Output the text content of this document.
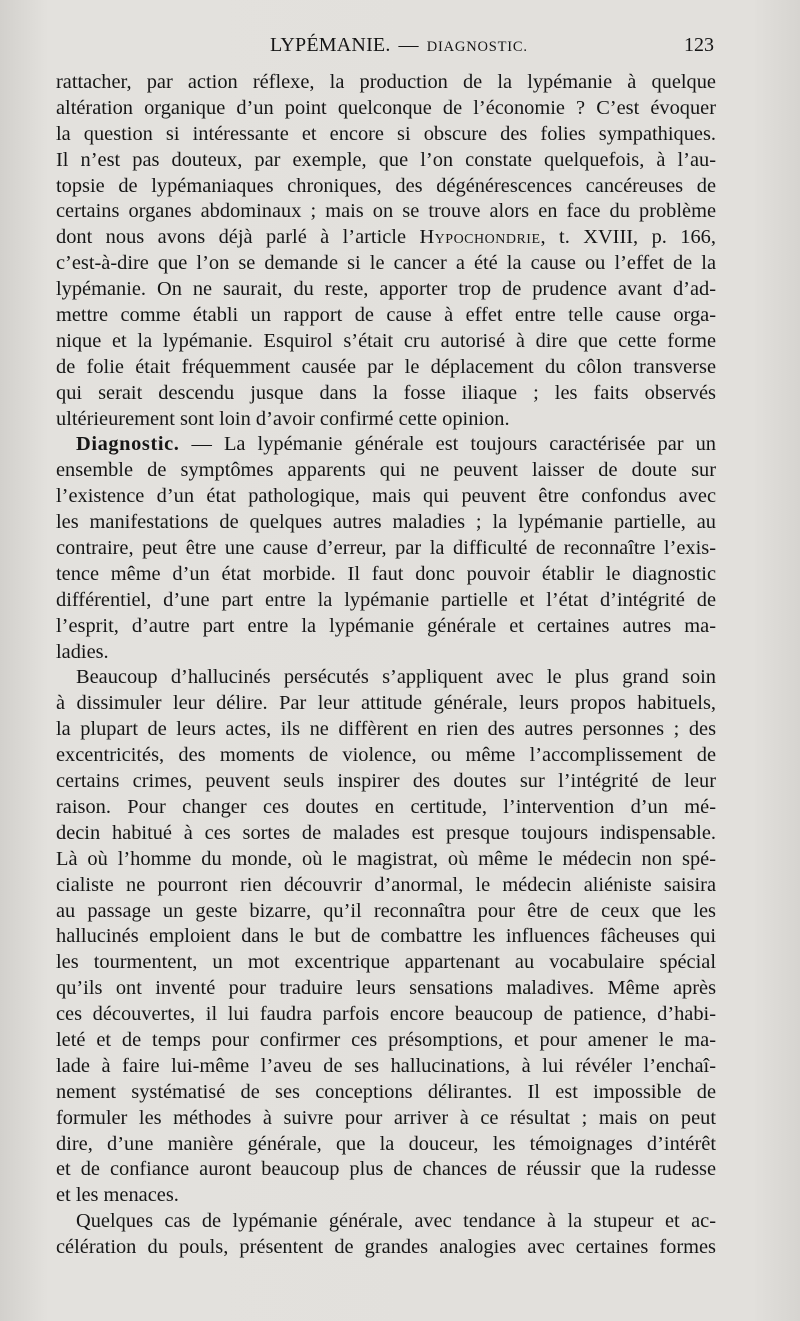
LYPÉMANIE. — DIAGNOSTIC.	123
rattacher, par action réflexe, la production de la lypémanie à quelque
altération organique d’un point quelconque de l’économie ? C’est évoquer
la question si intéressante et encore si obscure des folies sympathiques.
Il n’est pas douteux, par exemple, que l’on constate quelquefois, à l’au-
topsie de lypémaniaques chroniques, des dégénérescences cancéreuses de
certains organes abdominaux ; mais on se trouve alors en face du problème
dont nous avons déjà parlé à l’article Hypochondrie, t. XVIII, p. 166,
c’est-à-dire que l’on se demande si le cancer a été la cause ou l’effet de la
lypémanie. On ne saurait, du reste, apporter trop de prudence avant d’ad-
mettre comme établi un rapport de cause à effet entre telle cause orga-
nique et la lypémanie. Esquirol s’était cru autorisé à dire que cette forme
de folie était fréquemment causée par le déplacement du côlon transverse
qui serait descendu jusque dans la fosse iliaque ; les faits observés
ultérieurement sont loin d’avoir confirmé cette opinion.
Diagnostic. — La lypémanie générale est toujours caractérisée par un
ensemble de symptômes apparents qui ne peuvent laisser de doute sur
l’existence d’un état pathologique, mais qui peuvent être confondus avec
les manifestations de quelques autres maladies ; la lypémanie partielle, au
contraire, peut être une cause d’erreur, par la difficulté de reconnaître l’exis-
tence même d’un état morbide. Il faut donc pouvoir établir le diagnostic
différentiel, d’une part entre la lypémanie partielle et l’état d’intégrité de
l’esprit, d’autre part entre la lypémanie générale et certaines autres ma-
ladies.
Beaucoup d’hallucinés persécutés s’appliquent avec le plus grand soin
à dissimuler leur délire. Par leur attitude générale, leurs propos habituels,
la plupart de leurs actes, ils ne diffèrent en rien des autres personnes ; des
excentricités, des moments de violence, ou même l’accomplissement de
certains crimes, peuvent seuls inspirer des doutes sur l’intégrité de leur
raison. Pour changer ces doutes en certitude, l’intervention d’un mé-
decin habitué à ces sortes de malades est presque toujours indispensable.
Là où l’homme du monde, où le magistrat, où même le médecin non spé-
cialiste ne pourront rien découvrir d’anormal, le médecin aliéniste saisira
au passage un geste bizarre, qu’il reconnaîtra pour être de ceux que les
hallucinés emploient dans le but de combattre les influences fâcheuses qui
les tourmentent, un mot excentrique appartenant au vocabulaire spécial
qu’ils ont inventé pour traduire leurs sensations maladives. Même après
ces découvertes, il lui faudra parfois encore beaucoup de patience, d’habi-
leté et de temps pour confirmer ces présomptions, et pour amener le ma-
lade à faire lui-même l’aveu de ses hallucinations, à lui révéler l’enchaî-
nement systématisé de ses conceptions délirantes. Il est impossible de
formuler les méthodes à suivre pour arriver à ce résultat ; mais on peut
dire, d’une manière générale, que la douceur, les témoignages d’intérêt
et de confiance auront beaucoup plus de chances de réussir que la rudesse
et les menaces.
Quelques cas de lypémanie générale, avec tendance à la stupeur et ac-
célération du pouls, présentent de grandes analogies avec certaines formes
